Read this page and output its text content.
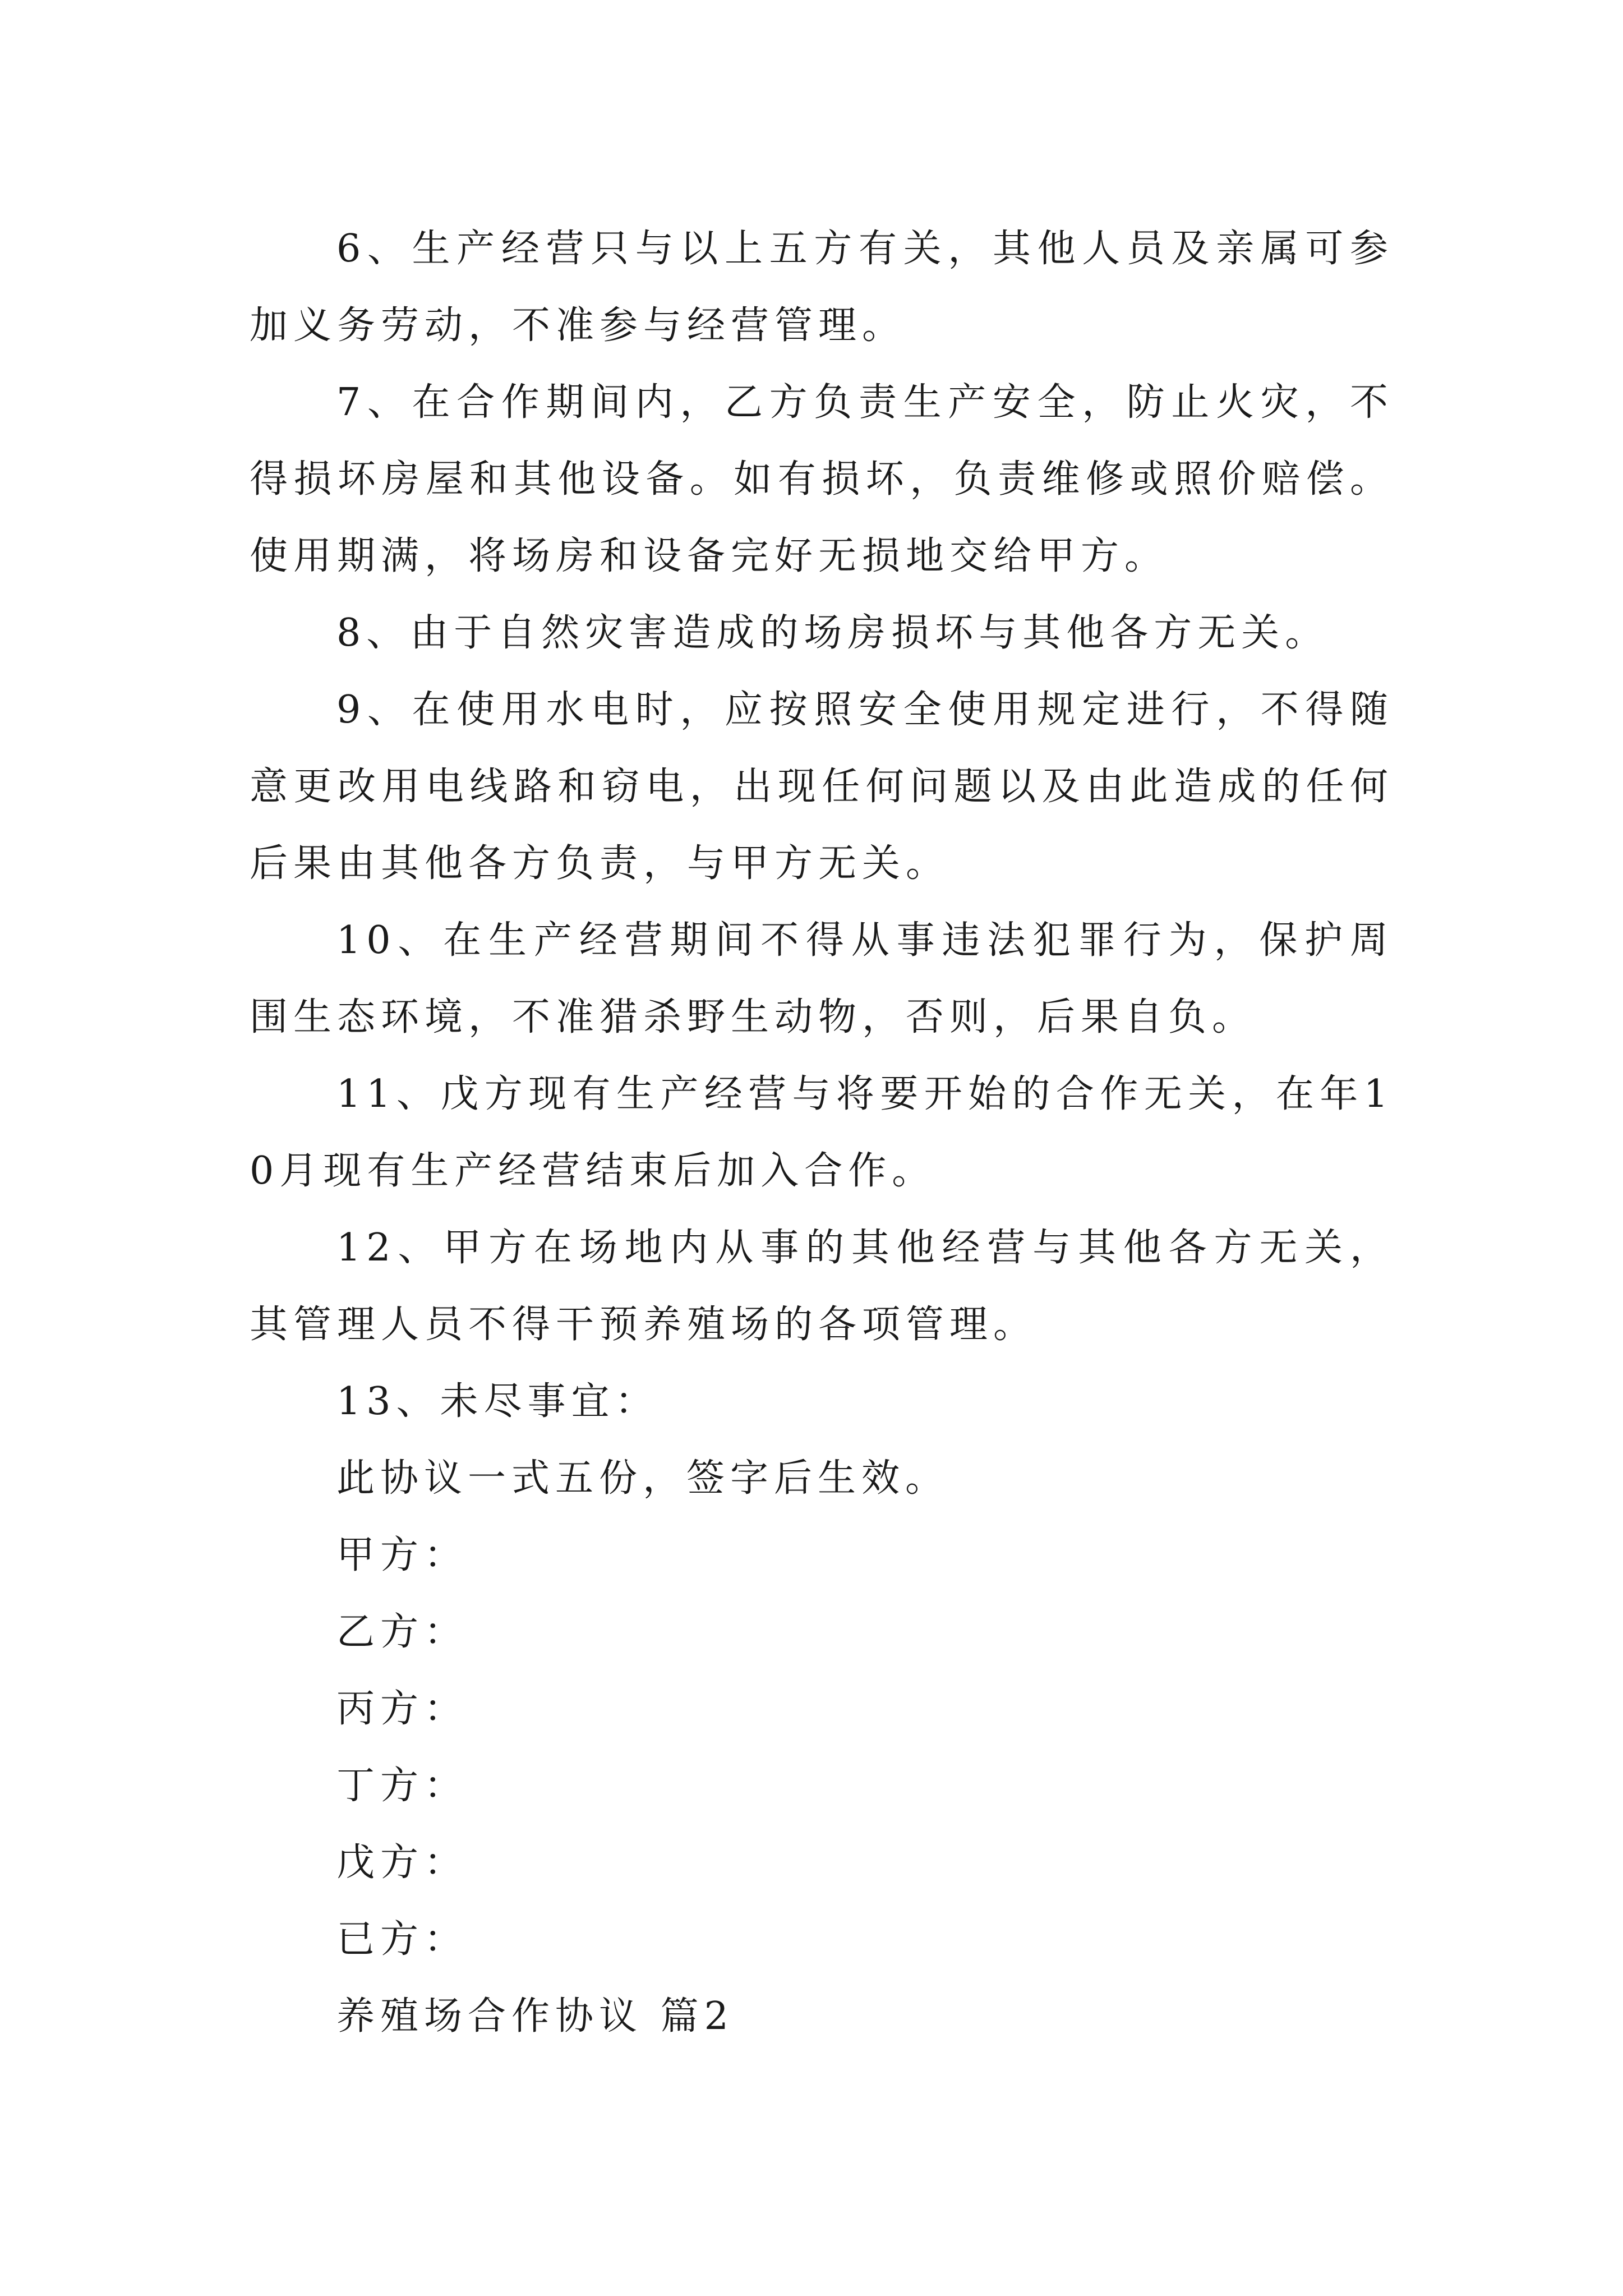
6、生产经营只与以上五方有关，其他人员及亲属可参加义务劳动，不准参与经营管理。

7、在合作期间内，乙方负责生产安全，防止火灾，不得损坏房屋和其他设备。如有损坏，负责维修或照价赔偿。使用期满，将场房和设备完好无损地交给甲方。

8、由于自然灾害造成的场房损坏与其他各方无关。

9、在使用水电时，应按照安全使用规定进行，不得随意更改用电线路和窃电，出现任何问题以及由此造成的任何后果由其他各方负责，与甲方无关。

10、在生产经营期间不得从事违法犯罪行为，保护周围生态环境，不准猎杀野生动物，否则，后果自负。

11、戊方现有生产经营与将要开始的合作无关，在年10月现有生产经营结束后加入合作。

12、甲方在场地内从事的其他经营与其他各方无关，其管理人员不得干预养殖场的各项管理。

13、未尽事宜：

此协议一式五份，签字后生效。

甲方：

乙方：

丙方：

丁方：

戊方：

已方：

养殖场合作协议 篇2
